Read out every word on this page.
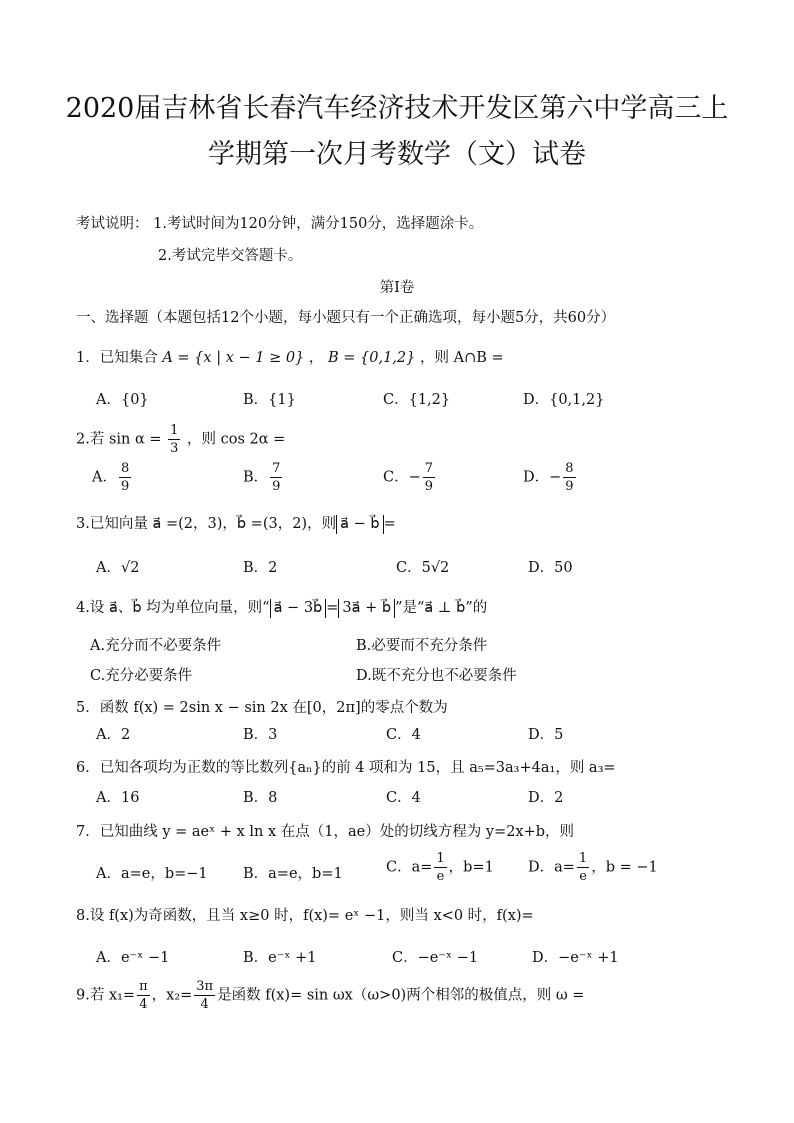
2020届吉林省长春汽车经济技术开发区第六中学高三上
学期第一次月考数学（文）试卷
考试说明： 1.考试时间为120分钟，满分150分，选择题涂卡。
2.考试完毕交答题卡。
第Ⅰ卷
一、选择题（本题包括12个小题，每小题只有一个正确选项，每小题5分，共60分）
1．已知集合 A = {x | x − 1 ≥ 0} ， B = {0,1,2} ，则 A∩B =
A．{0}	B．{1}	C．{1,2}	D．{0,1,2}
2.若 $\sin \alpha = \frac{1}{3}$ ，则 cos 2α =
A． $\frac{8}{9}$	B． $\frac{7}{9}$	C．− $\frac{7}{9}$	D．− $\frac{8}{9}$
3.已知向量 a⃗ =(2，3)，b⃗ =(3，2)，则 a⃗ − b⃗ =
A．√2	B．2	C．5√2	D．50
4.设 a⃗、b⃗ 均为单位向量，则“ a⃗ − 3b⃗ = 3a⃗ + b⃗ ”是“a⃗ ⊥ b⃗”的
A.充分而不必要条件	B.必要而不充分条件
C.充分必要条件	D.既不充分也不必要条件
5．函数 f(x) = 2sin x − sin 2x 在[0，2π]的零点个数为
A．2	B．3	C．4	D．5
6．已知各项均为正数的等比数列{aₙ}的前 4 项和为 15，且 a₅=3a₃+4a₁，则 a₃=
A．16	B．8	C．4	D．2
7．已知曲线 y = aeˣ + x ln x 在点（1，ae）处的切线方程为 y=2x+b，则
A．a=e，b=−1 B．a=e，b=1	C．$a= \frac{1}{e}$ ，b=1 D．$a= \frac{1}{e}$ ，b = −1
8.设 f(x)为奇函数，且当 x≥0 时，f(x)= eˣ −1，则当 x<0 时，f(x)=
A．e⁻ˣ −1	B．e⁻ˣ +1	C．−e⁻ˣ −1	D．−e⁻ˣ +1
9.若 $x_1= \frac{\pi}{4}$ ，$x_2= \frac{3\pi}{4}$ 是函数 f(x)= sin ωx（ω>0)两个相邻的极值点，则 ω =
